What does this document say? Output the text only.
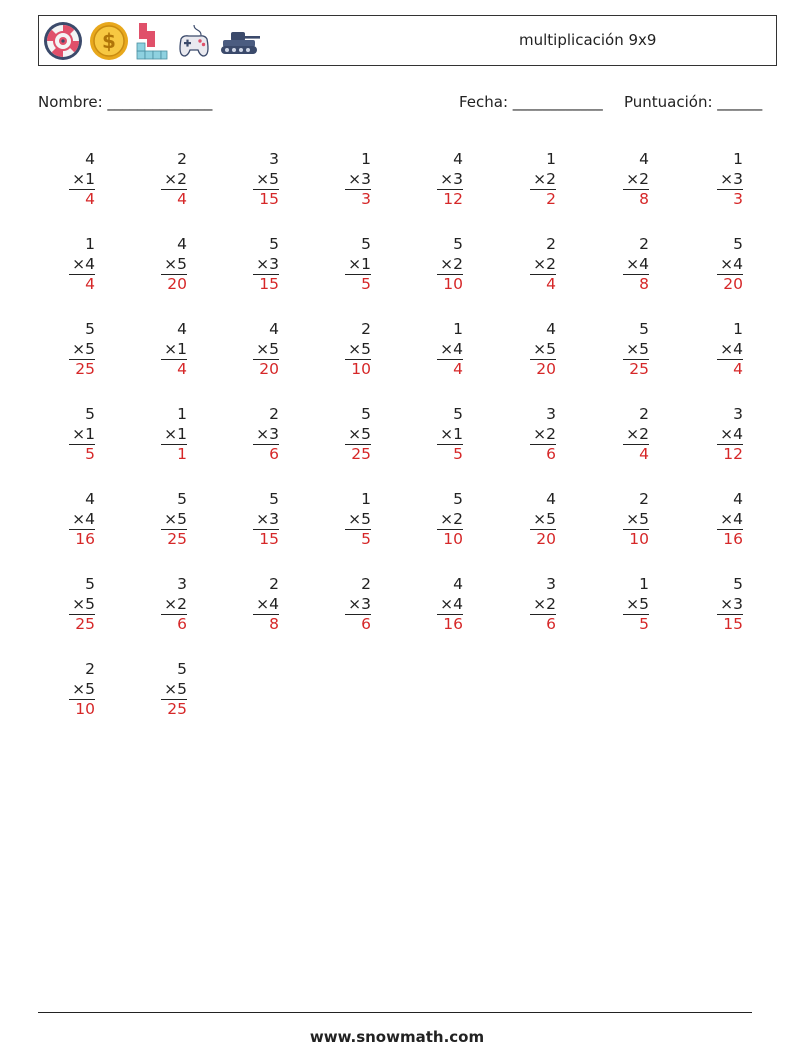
$	multiplicación 9x9
Nombre: ______________	Fecha: ____________ Puntuación: ______
4
×1
4
2
×2
4
3
×5
15
1
×3
3
4
×3
12
1
×2
2
4
×2
8
1
×3
3
1
×4
4
4
×5
20
5
×3
15
5
×1
5
5
×2
10
2
×2
4
2
×4
8
5
×4
20
5
×5
25
4
×1
4
4
×5
20
2
×5
10
1
×4
4
4
×5
20
5
×5
25
1
×4
4
5
×1
5
1
×1
1
2
×3
6
5
×5
25
5
×1
5
3
×2
6
2
×2
4
3
×4
12
4
×4
16
5
×5
25
5
×3
15
1
×5
5
5
×2
10
4
×5
20
2
×5
10
4
×4
16
5
×5
25
3
×2
6
2
×4
8
2
×3
6
4
×4
16
3
×2
6
1
×5
5
5
×3
15
2
×5
10
5
×5
25
www.snowmath.com
